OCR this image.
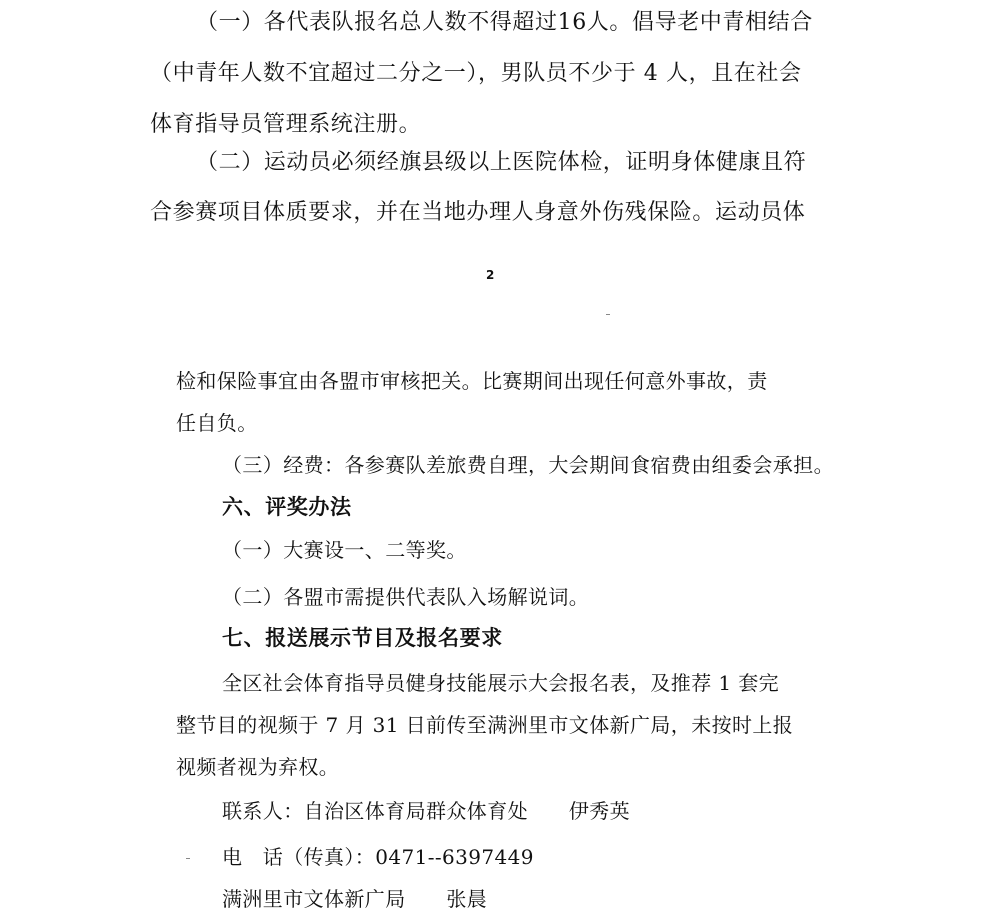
（一）各代表队报名总人数不得超过16人。倡导老中青相结合
（中青年人数不宜超过二分之一），男队员不少于 4 人，且在社会
体育指导员管理系统注册。
（二）运动员必须经旗县级以上医院体检，证明身体健康且符
合参赛项目体质要求，并在当地办理人身意外伤残保险。运动员体
2
检和保险事宜由各盟市审核把关。比赛期间出现任何意外事故，责
任自负。
（三）经费：各参赛队差旅费自理，大会期间食宿费由组委会承担。
六、评奖办法
（一）大赛设一、二等奖。
（二）各盟市需提供代表队入场解说词。
七、报送展示节目及报名要求
全区社会体育指导员健身技能展示大会报名表，及推荐 1 套完
整节目的视频于 7 月 31 日前传至满洲里市文体新广局，未按时上报
视频者视为弃权。
联系人：自治区体育局群众体育处　　伊秀英
电　话（传真）：0471--6397449
满洲里市文体新广局　　张晨
